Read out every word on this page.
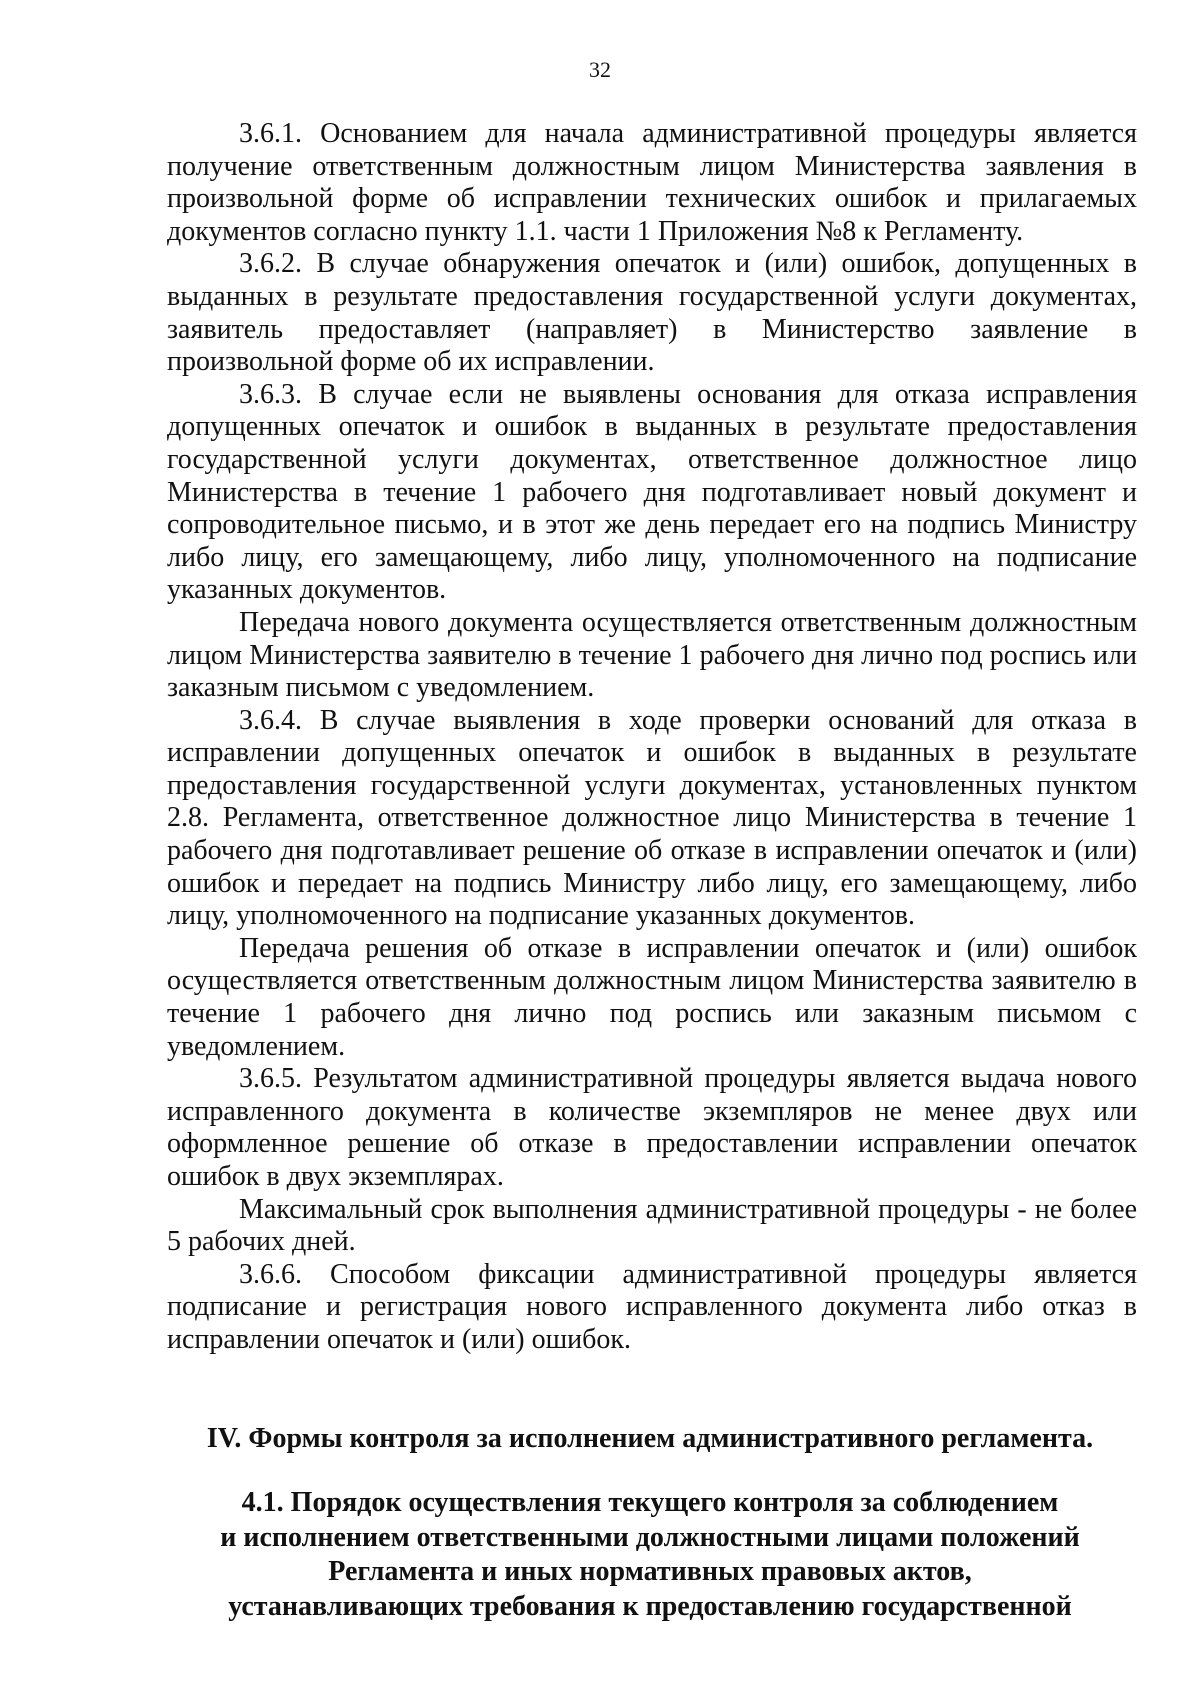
32

3.6.1. Основанием для начала административной процедуры является получение ответственным должностным лицом Министерства заявления в произвольной форме об исправлении технических ошибок и прилагаемых документов согласно пункту 1.1. части 1 Приложения №8 к Регламенту.

3.6.2. В случае обнаружения опечаток и (или) ошибок, допущенных в выданных в результате предоставления государственной услуги документах, заявитель предоставляет (направляет) в Министерство заявление в произвольной форме об их исправлении.

3.6.3. В случае если не выявлены основания для отказа исправления допущенных опечаток и ошибок в выданных в результате предоставления государственной услуги документах, ответственное должностное лицо Министерства в течение 1 рабочего дня подготавливает новый документ и сопроводительное письмо, и в этот же день передает его на подпись Министру либо лицу, его замещающему, либо лицу, уполномоченного на подписание указанных документов.

Передача нового документа осуществляется ответственным должностным лицом Министерства заявителю в течение 1 рабочего дня лично под роспись или заказным письмом с уведомлением.

3.6.4. В случае выявления в ходе проверки оснований для отказа в исправлении допущенных опечаток и ошибок в выданных в результате предоставления государственной услуги документах, установленных пунктом 2.8. Регламента, ответственное должностное лицо Министерства в течение 1 рабочего дня подготавливает решение об отказе в исправлении опечаток и (или) ошибок и передает на подпись Министру либо лицу, его замещающему, либо лицу, уполномоченного на подписание указанных документов.

Передача решения об отказе в исправлении опечаток и (или) ошибок осуществляется ответственным должностным лицом Министерства заявителю в течение 1 рабочего дня лично под роспись или заказным письмом с уведомлением.

3.6.5. Результатом административной процедуры является выдача нового исправленного документа в количестве экземпляров не менее двух или оформленное решение об отказе в предоставлении исправлении опечаток ошибок в двух экземплярах.

Максимальный срок выполнения административной процедуры - не более 5 рабочих дней.

3.6.6. Способом фиксации административной процедуры является подписание и регистрация нового исправленного документа либо отказ в исправлении опечаток и (или) ошибок.

IV. Формы контроля за исполнением административного регламента.
4.1. Порядок осуществления текущего контроля за соблюдением
и исполнением ответственными должностными лицами положений
Регламента и иных нормативных правовых актов,
устанавливающих требования к предоставлению государственной
